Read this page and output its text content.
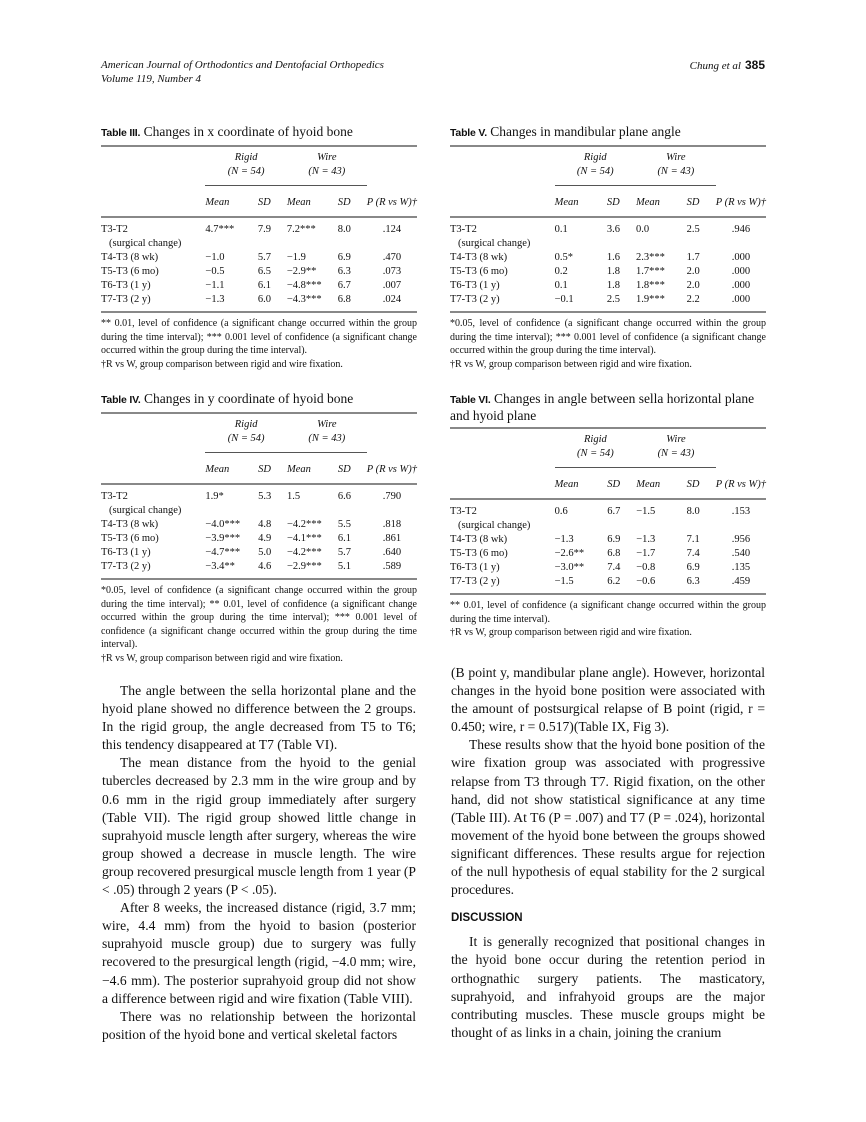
American Journal of Orthodontics and Dentofacial Orthopedics
Volume 119, Number 4
Chung et al 385
Table III. Changes in x coordinate of hyoid bone
	Rigid		Wire		
	(N = 54)		(N = 43)		
	Mean	SD	Mean	SD	P (R vs W)†

T3-T2	4.7***	7.9	7.2***	8.0	.124
(surgical change)					
T4-T3 (8 wk)	−1.0	5.7	−1.9	6.9	.470
T5-T3 (6 mo)	−0.5	6.5	−2.9**	6.3	.073
T6-T3 (1 y)	−1.1	6.1	−4.8***	6.7	.007
T7-T3 (2 y)	−1.3	6.0	−4.3***	6.8	.024
** 0.01, level of confidence (a significant change occurred within the group during the time interval); *** 0.001 level of confidence (a significant change occurred within the group during the time interval).
†R vs W, group comparison between rigid and wire fixation.
Table V. Changes in mandibular plane angle
	Rigid		Wire		
	(N = 54)		(N = 43)		
	Mean	SD	Mean	SD	P (R vs W)†

T3-T2	0.1	3.6	0.0	2.5	.946
(surgical change)					
T4-T3 (8 wk)	0.5*	1.6	2.3***	1.7	.000
T5-T3 (6 mo)	0.2	1.8	1.7***	2.0	.000
T6-T3 (1 y)	0.1	1.8	1.8***	2.0	.000
T7-T3 (2 y)	−0.1	2.5	1.9***	2.2	.000
*0.05, level of confidence (a significant change occurred within the group during the time interval); *** 0.001 level of confidence (a significant change occurred within the group during the time interval).
†R vs W, group comparison between rigid and wire fixation.
Table IV. Changes in y coordinate of hyoid bone
	Rigid		Wire		
	(N = 54)		(N = 43)		
	Mean	SD	Mean	SD	P (R vs W)†

T3-T2	1.9*	5.3	1.5	6.6	.790
(surgical change)					
T4-T3 (8 wk)	−4.0***	4.8	−4.2***	5.5	.818
T5-T3 (6 mo)	−3.9***	4.9	−4.1***	6.1	.861
T6-T3 (1 y)	−4.7***	5.0	−4.2***	5.7	.640
T7-T3 (2 y)	−3.4**	4.6	−2.9***	5.1	.589
*0.05, level of confidence (a significant change occurred within the group during the time interval); ** 0.01, level of confidence (a significant change occurred within the group during the time interval); *** 0.001 level of confidence (a significant change occurred within the group during the time interval).
†R vs W, group comparison between rigid and wire fixation.
Table VI. Changes in angle between sella horizontal plane and hyoid plane
	Rigid		Wire		
	(N = 54)		(N = 43)		
	Mean	SD	Mean	SD	P (R vs W)†

T3-T2	0.6	6.7	−1.5	8.0	.153
(surgical change)					
T4-T3 (8 wk)	−1.3	6.9	−1.3	7.1	.956
T5-T3 (6 mo)	−2.6**	6.8	−1.7	7.4	.540
T6-T3 (1 y)	−3.0**	7.4	−0.8	6.9	.135
T7-T3 (2 y)	−1.5	6.2	−0.6	6.3	.459
** 0.01, level of confidence (a significant change occurred within the group during the time interval).
†R vs W, group comparison between rigid and wire fixation.

The angle between the sella horizontal plane and the hyoid plane showed no difference between the 2 groups. In the rigid group, the angle decreased from T5 to T6; this tendency disappeared at T7 (Table VI).

The mean distance from the hyoid to the genial tubercles decreased by 2.3 mm in the wire group and by 0.6 mm in the rigid group immediately after surgery (Table VII). The rigid group showed little change in suprahyoid muscle length after surgery, whereas the wire group showed a decrease in muscle length. The wire group recovered presurgical muscle length from 1 year (P < .05) through 2 years (P < .05).

After 8 weeks, the increased distance (rigid, 3.7 mm; wire, 4.4 mm) from the hyoid to basion (posterior suprahyoid muscle group) due to surgery was fully recovered to the presurgical length (rigid, −4.0 mm; wire, −4.6 mm). The posterior suprahyoid group did not show a difference between rigid and wire fixation (Table VIII).

There was no relationship between the horizontal position of the hyoid bone and vertical skeletal factors

(B point y, mandibular plane angle). However, horizontal changes in the hyoid bone position were associated with the amount of postsurgical relapse of B point (rigid, r = 0.450; wire, r = 0.517)(Table IX, Fig 3).

These results show that the hyoid bone position of the wire fixation group was associated with progressive relapse from T3 through T7. Rigid fixation, on the other hand, did not show statistical significance at any time (Table III). At T6 (P = .007) and T7 (P = .024), horizontal movement of the hyoid bone between the groups showed significant differences. These results argue for rejection of the null hypothesis of equal stability for the 2 surgical procedures.

DISCUSSION

It is generally recognized that positional changes in the hyoid bone occur during the retention period in orthognathic surgery patients. The masticatory, suprahyoid, and infrahyoid groups are the major contributing muscles. These muscle groups might be thought of as links in a chain, joining the cranium
